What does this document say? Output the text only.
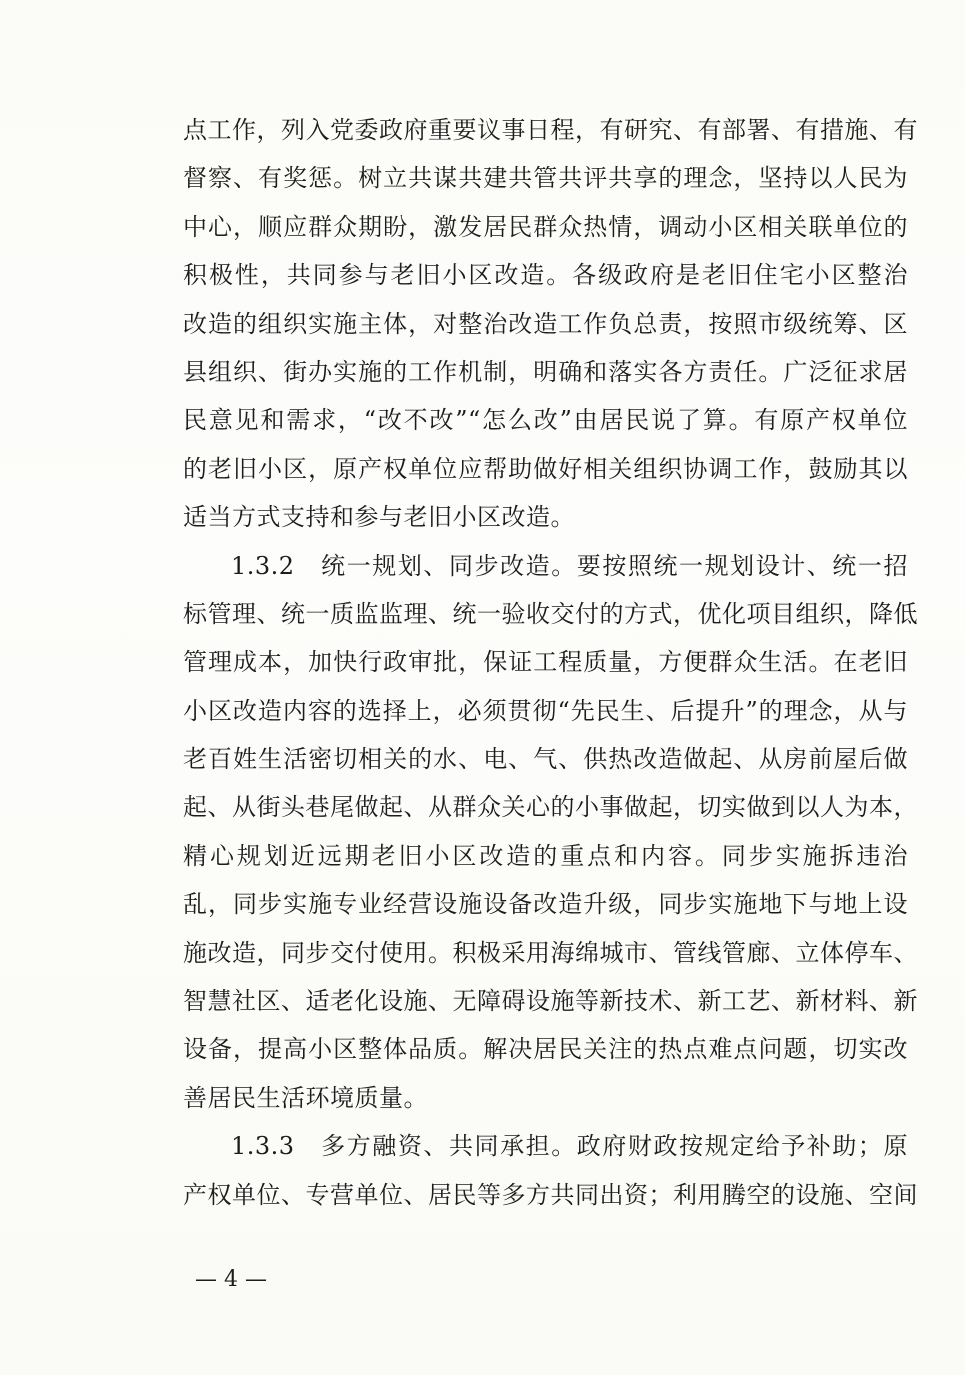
点工作，列入党委政府重要议事日程，有研究、有部署、有措施、有
督察、有奖惩。树立共谋共建共管共评共享的理念，坚持以人民为
中心，顺应群众期盼，激发居民群众热情，调动小区相关联单位的
积极性，共同参与老旧小区改造。各级政府是老旧住宅小区整治
改造的组织实施主体，对整治改造工作负总责，按照市级统筹、区
县组织、街办实施的工作机制，明确和落实各方责任。广泛征求居
民意见和需求，“改不改”“怎么改”由居民说了算。有原产权单位
的老旧小区，原产权单位应帮助做好相关组织协调工作，鼓励其以
适当方式支持和参与老旧小区改造。
1.3.2　统一规划、同步改造。要按照统一规划设计、统一招
标管理、统一质监监理、统一验收交付的方式，优化项目组织，降低
管理成本，加快行政审批，保证工程质量，方便群众生活。在老旧
小区改造内容的选择上，必须贯彻“先民生、后提升”的理念，从与
老百姓生活密切相关的水、电、气、供热改造做起、从房前屋后做
起、从街头巷尾做起、从群众关心的小事做起，切实做到以人为本，
精心规划近远期老旧小区改造的重点和内容。同步实施拆违治
乱，同步实施专业经营设施设备改造升级，同步实施地下与地上设
施改造，同步交付使用。积极采用海绵城市、管线管廊、立体停车、
智慧社区、适老化设施、无障碍设施等新技术、新工艺、新材料、新
设备，提高小区整体品质。解决居民关注的热点难点问题，切实改
善居民生活环境质量。
1.3.3　多方融资、共同承担。政府财政按规定给予补助；原
产权单位、专营单位、居民等多方共同出资；利用腾空的设施、空间
— 4 —
